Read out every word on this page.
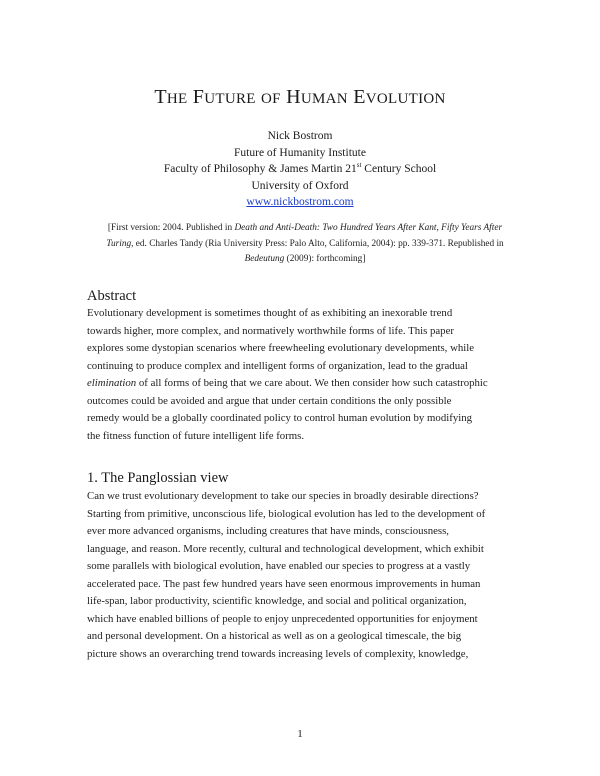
THE FUTURE OF HUMAN EVOLUTION
Nick Bostrom
Future of Humanity Institute
Faculty of Philosophy & James Martin 21st Century School
University of Oxford
www.nickbostrom.com
[First version: 2004. Published in Death and Anti-Death: Two Hundred Years After Kant, Fifty Years After Turing, ed. Charles Tandy (Ria University Press: Palo Alto, California, 2004): pp. 339-371. Republished in Bedeutung (2009): forthcoming]
Abstract
Evolutionary development is sometimes thought of as exhibiting an inexorable trend
towards higher, more complex, and normatively worthwhile forms of life. This paper
explores some dystopian scenarios where freewheeling evolutionary developments, while
continuing to produce complex and intelligent forms of organization, lead to the gradual
elimination of all forms of being that we care about. We then consider how such catastrophic
outcomes could be avoided and argue that under certain conditions the only possible
remedy would be a globally coordinated policy to control human evolution by modifying
the fitness function of future intelligent life forms.
1. The Panglossian view
Can we trust evolutionary development to take our species in broadly desirable directions?
Starting from primitive, unconscious life, biological evolution has led to the development of
ever more advanced organisms, including creatures that have minds, consciousness,
language, and reason. More recently, cultural and technological development, which exhibit
some parallels with biological evolution, have enabled our species to progress at a vastly
accelerated pace. The past few hundred years have seen enormous improvements in human
life-span, labor productivity, scientific knowledge, and social and political organization,
which have enabled billions of people to enjoy unprecedented opportunities for enjoyment
and personal development. On a historical as well as on a geological timescale, the big
picture shows an overarching trend towards increasing levels of complexity, knowledge,
1
